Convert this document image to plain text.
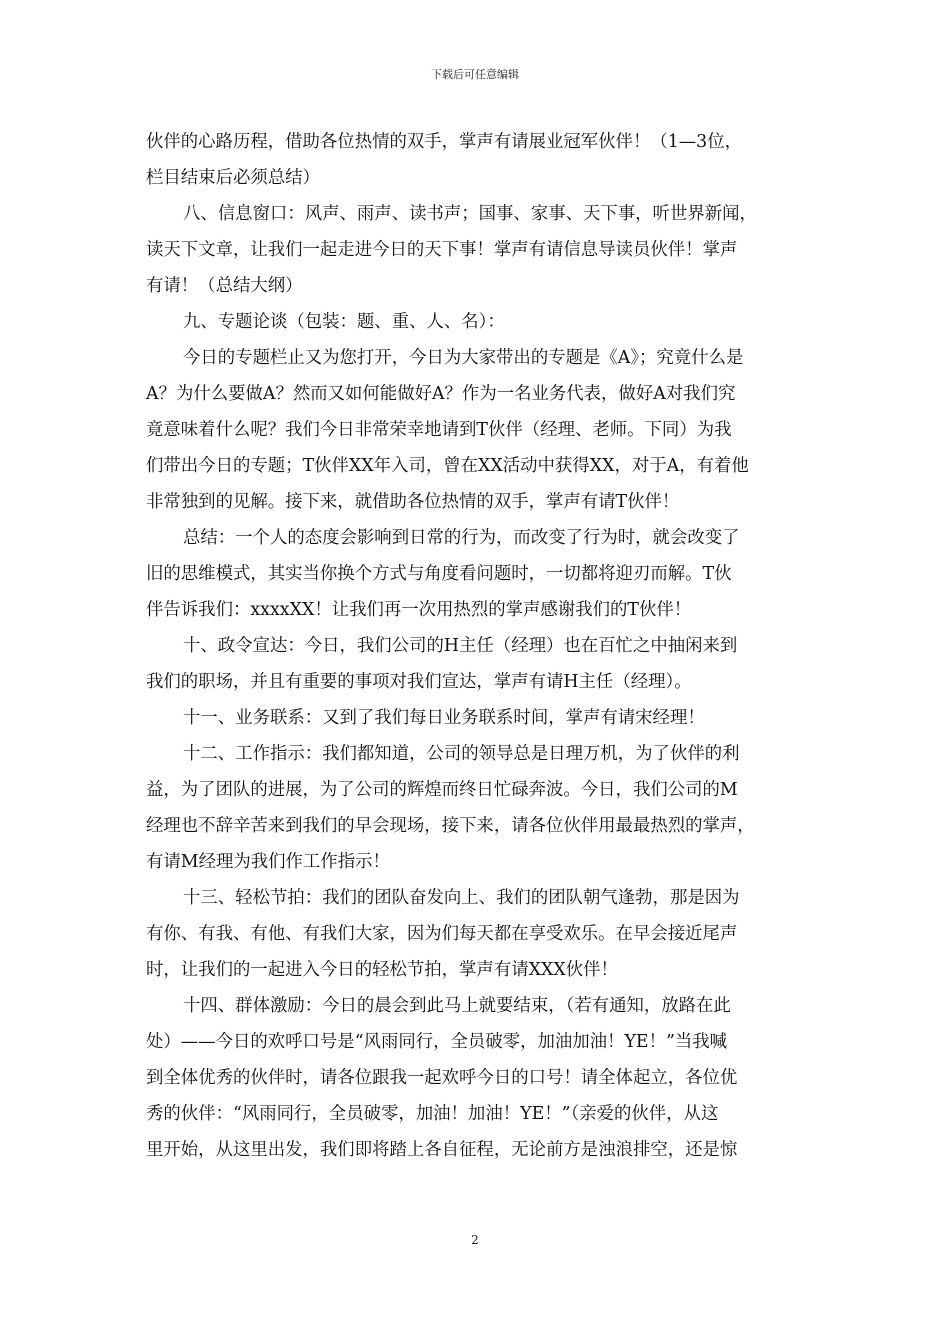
下载后可任意编辑
伙伴的心路历程，借助各位热情的双手，掌声有请展业冠军伙伴！（1—3位，
栏目结束后必须总结）
八、信息窗口：风声、雨声、读书声；国事、家事、天下事，听世界新闻，
读天下文章，让我们一起走进今日的天下事！掌声有请信息导读员伙伴！掌声
有请！（总结大纲）
九、专题论谈（包装：题、重、人、名）：
今日的专题栏止又为您打开，今日为大家带出的专题是《A》；究竟什么是
A？为什么要做A？然而又如何能做好A？作为一名业务代表，做好A对我们究
竟意味着什么呢？我们今日非常荣幸地请到T伙伴（经理、老师。下同）为我
们带出今日的专题；T伙伴XX年入司，曾在XX活动中获得XX，对于A，有着他
非常独到的见解。接下来，就借助各位热情的双手，掌声有请T伙伴！
总结：一个人的态度会影响到日常的行为，而改变了行为时，就会改变了
旧的思维模式，其实当你换个方式与角度看问题时，一切都将迎刃而解。T伙
伴告诉我们：xxxxXX！让我们再一次用热烈的掌声感谢我们的T伙伴！
十、政令宣达：今日，我们公司的H主任（经理）也在百忙之中抽闲来到
我们的职场，并且有重要的事项对我们宣达，掌声有请H主任（经理）。
十一、业务联系：又到了我们每日业务联系时间，掌声有请宋经理！
十二、工作指示：我们都知道，公司的领导总是日理万机，为了伙伴的利
益，为了团队的进展，为了公司的辉煌而终日忙碌奔波。今日，我们公司的M
经理也不辞辛苦来到我们的早会现场，接下来，请各位伙伴用最最热烈的掌声，
有请M经理为我们作工作指示！
十三、轻松节拍：我们的团队奋发向上、我们的团队朝气逢勃，那是因为
有你、有我、有他、有我们大家，因为们每天都在享受欢乐。在早会接近尾声
时，让我们的一起进入今日的轻松节拍，掌声有请XXX伙伴！
十四、群体激励：今日的晨会到此马上就要结束，（若有通知，放路在此
处）——今日的欢呼口号是“风雨同行，全员破零，加油加油！YE！”当我喊
到全体优秀的伙伴时，请各位跟我一起欢呼今日的口号！请全体起立，各位优
秀的伙伴：“风雨同行，全员破零，加油！加油！YE！”（亲爱的伙伴，从这
里开始，从这里出发，我们即将踏上各自征程，无论前方是浊浪排空，还是惊
2
